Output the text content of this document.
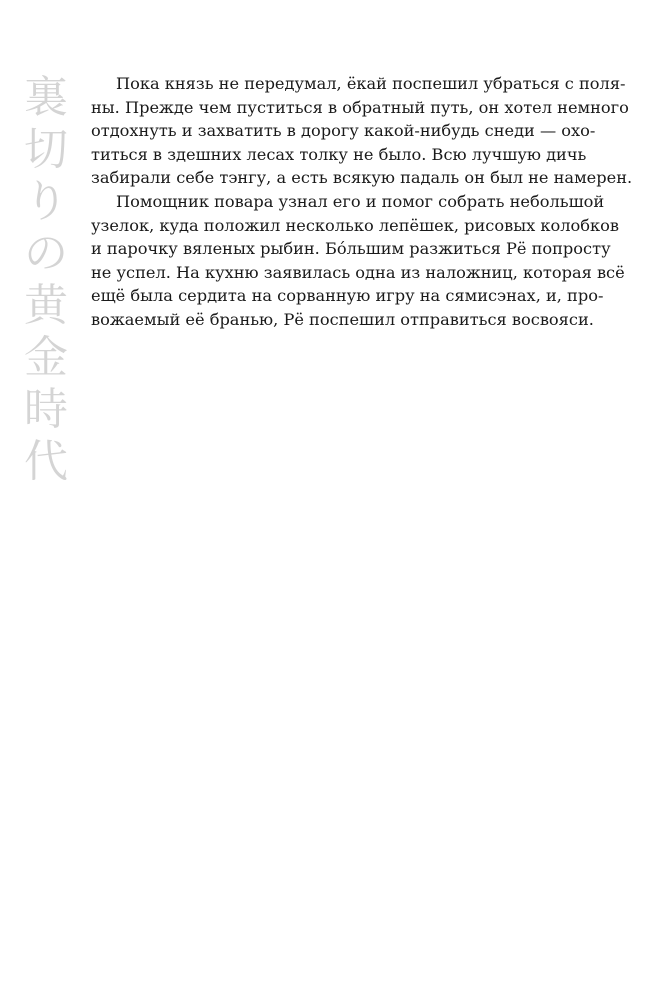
裏
切
り
の
黄
金
時
代
Пока князь не передумал, ёкай поспешил убраться с поля-
ны. Прежде чем пуститься в обратный путь, он хотел немного
отдохнуть и захватить в дорогу какой-нибудь снеди — охо-
титься в здешних лесах толку не было. Всю лучшую дичь
забирали себе тэнгу, а есть всякую падаль он был не намерен.
Помощник повара узнал его и помог собрать небольшой
узелок, куда положил несколько лепёшек, рисовых колобков
и парочку вяленых рыбин. Бо́льшим разжиться Рё попросту
не успел. На кухню заявилась одна из наложниц, которая всё
ещё была сердита на сорванную игру на сямисэнах, и, про-
вожаемый её бранью, Рё поспешил отправиться восвояси.
